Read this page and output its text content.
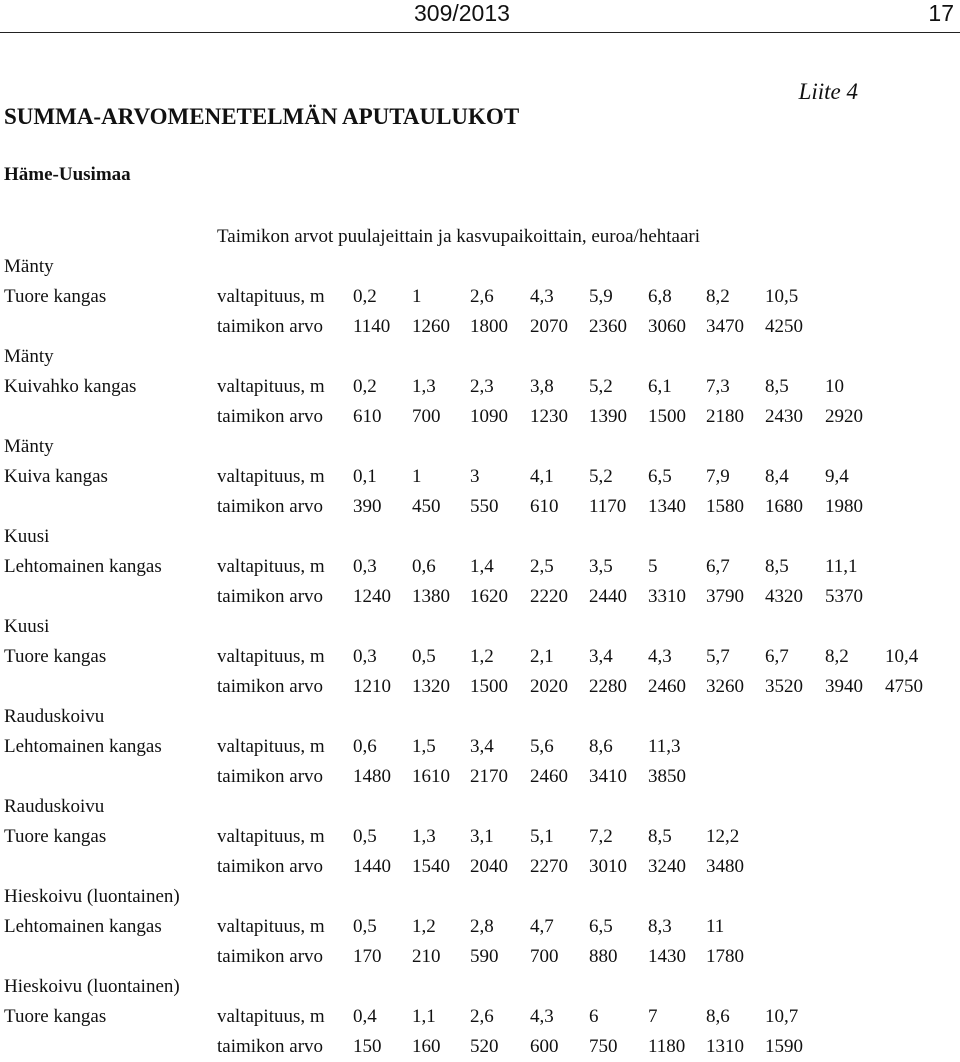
309/2013	17
Liite 4
SUMMA-ARVOMENETELMÄN APUTAULUKOT
Häme-Uusimaa
Taimikon arvot puulajeittain ja kasvupaikoittain, euroa/hehtaari
Mänty
Tuore kangas	valtapituus, m 0,2 1	2,6 4,3 5,9 6,8 8,2 10,5
taimikon arvo 1140 1260 1800 2070 2360 3060 3470 4250
Mänty
Kuivahko kangas	valtapituus, m 0,2 1,3 2,3 3,8 5,2 6,1 7,3 8,5 10
taimikon arvo 610 700 1090 1230 1390 1500 2180 2430 2920
Mänty
Kuiva kangas	valtapituus, m 0,1 1	3	4,1 5,2 6,5 7,9 8,4 9,4
taimikon arvo 390 450 550 610 1170 1340 1580 1680 1980
Kuusi
Lehtomainen kangas	valtapituus, m 0,3 0,6 1,4 2,5 3,5 5	6,7 8,5 11,1
taimikon arvo 1240 1380 1620 2220 2440 3310 3790 4320 5370
Kuusi
Tuore kangas	valtapituus, m 0,3 0,5 1,2 2,1 3,4 4,3 5,7 6,7 8,2 10,4
taimikon arvo 1210 1320 1500 2020 2280 2460 3260 3520 3940 4750
Rauduskoivu
Lehtomainen kangas	valtapituus, m 0,6 1,5 3,4 5,6 8,6 11,3
taimikon arvo 1480 1610 2170 2460 3410 3850
Rauduskoivu
Tuore kangas	valtapituus, m 0,5 1,3 3,1 5,1 7,2 8,5 12,2
taimikon arvo 1440 1540 2040 2270 3010 3240 3480
Hieskoivu (luontainen)
Lehtomainen kangas	valtapituus, m 0,5 1,2 2,8 4,7 6,5 8,3 11
taimikon arvo 170 210 590 700 880 1430 1780
Hieskoivu (luontainen)
Tuore kangas	valtapituus, m 0,4 1,1 2,6 4,3 6	7	8,6 10,7
taimikon arvo 150 160 520 600 750 1180 1310 1590
